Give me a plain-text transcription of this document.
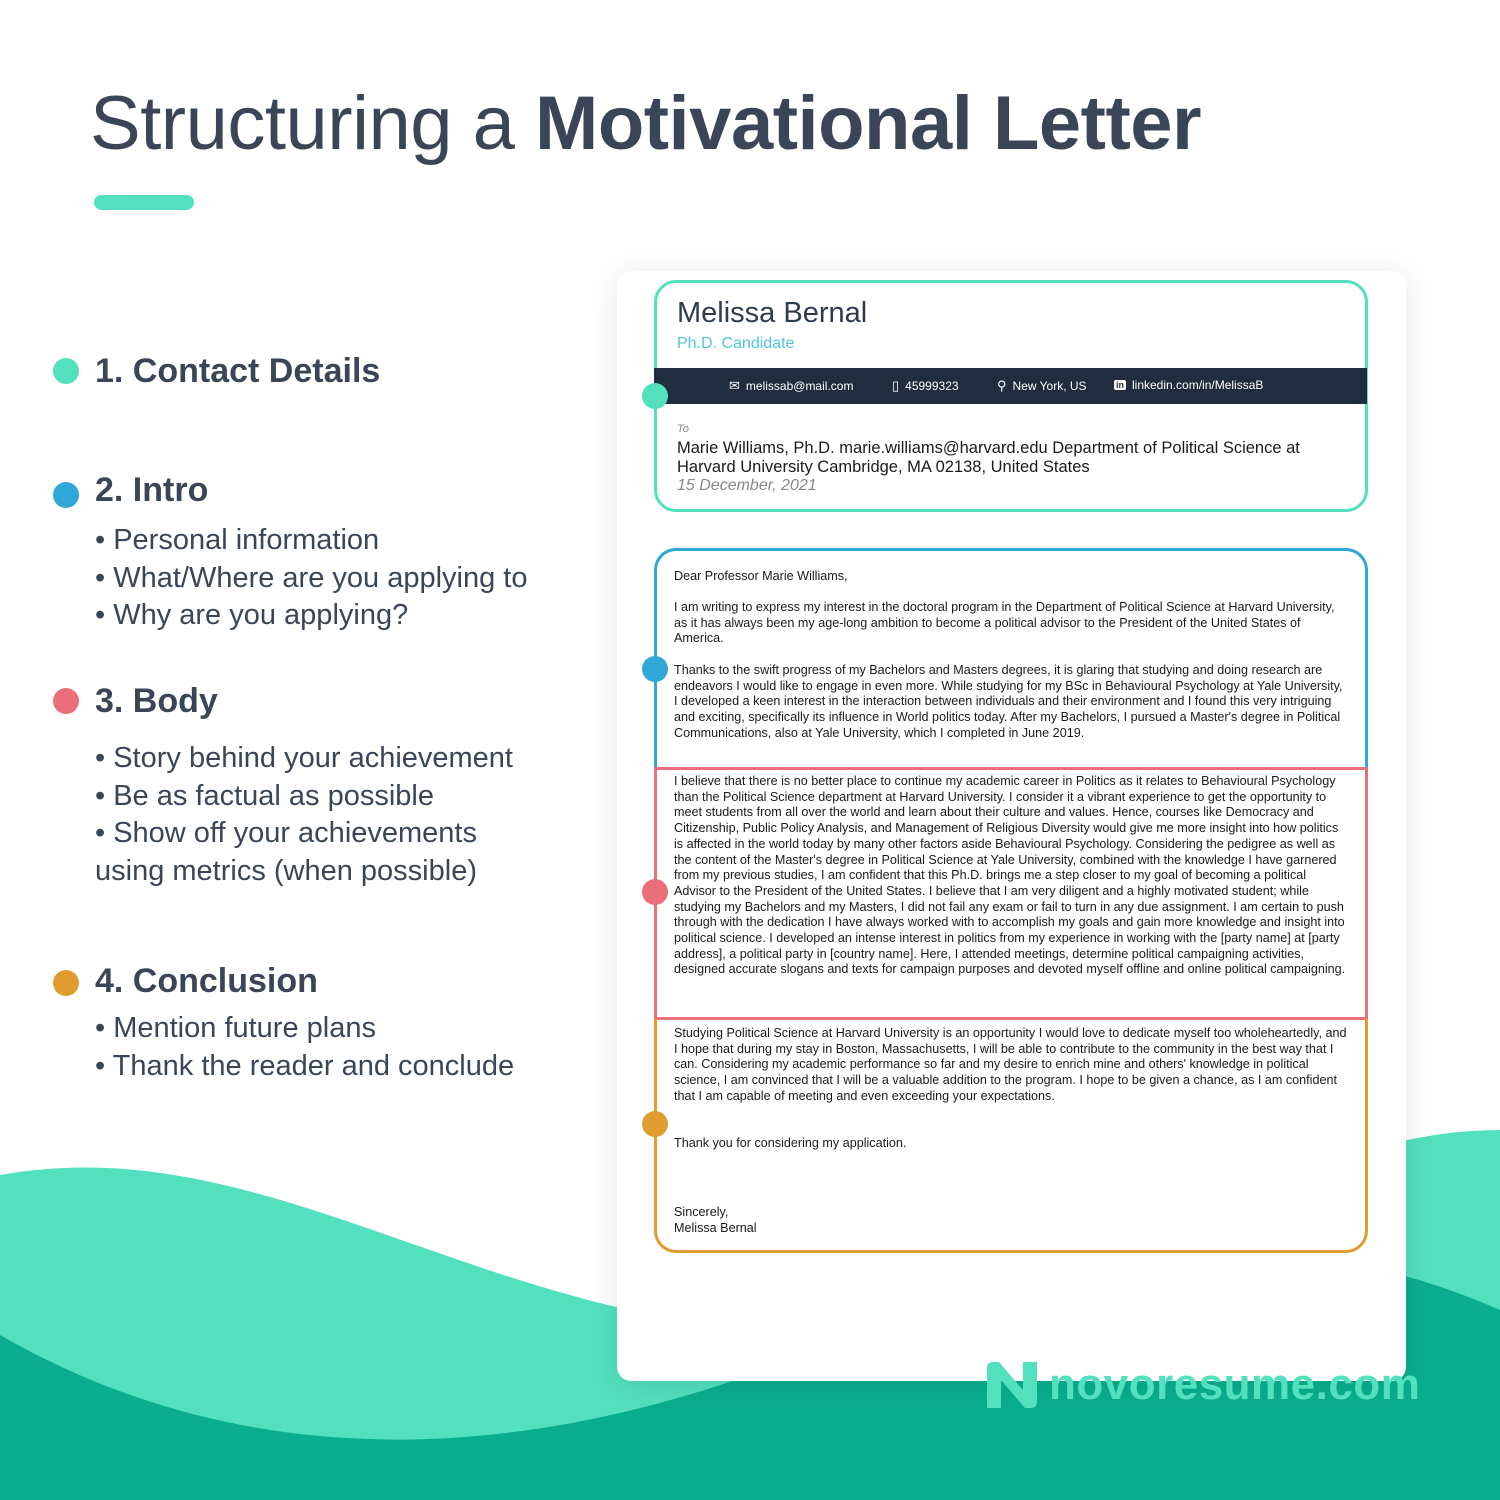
Structuring a Motivational Letter
1. Contact Details
2. Intro
• Personal information
• What/Where are you applying to
• Why are you applying?
3. Body
• Story behind your achievement
• Be as factual as possible
• Show off your achievements
using metrics (when possible)
4. Conclusion
• Mention future plans
• Thank the reader and conclude
Melissa Bernal
Ph.D. Candidate
✉ melissab@mail.com	▯ 45999323	⚲ New York, US	in linkedin.com/in/MelissaB
To
Marie Williams, Ph.D. marie.williams@harvard.edu Department of Political Science at Harvard University Cambridge, MA 02138, United States
15 December, 2021
Dear Professor Marie Williams,
I am writing to express my interest in the doctoral program in the Department of Political Science at Harvard University, as it has always been my age-long ambition to become a political advisor to the President of the United States of America.
Thanks to the swift progress of my Bachelors and Masters degrees, it is glaring that studying and doing research are endeavors I would like to engage in even more. While studying for my BSc in Behavioural Psychology at Yale University, I developed a keen interest in the interaction between individuals and their environment and I found this very intriguing and exciting, specifically its influence in World politics today. After my Bachelors, I pursued a Master's degree in Political Communications, also at Yale University, which I completed in June 2019.
I believe that there is no better place to continue my academic career in Politics as it relates to Behavioural Psychology than the Political Science department at Harvard University. I consider it a vibrant experience to get the opportunity to meet students from all over the world and learn about their culture and values. Hence, courses like Democracy and Citizenship, Public Policy Analysis, and Management of Religious Diversity would give me more insight into how politics is affected in the world today by many other factors aside Behavioural Psychology. Considering the pedigree as well as the content of the Master's degree in Political Science at Yale University, combined with the knowledge I have garnered from my previous studies, I am confident that this Ph.D. brings me a step closer to my goal of becoming a political Advisor to the President of the United States. I believe that I am very diligent and a highly motivated student; while studying my Bachelors and my Masters, I did not fail any exam or fail to turn in any due assignment. I am certain to push through with the dedication I have always worked with to accomplish my goals and gain more knowledge and insight into political science. I developed an intense interest in politics from my experience in working with the [party name] at [party address], a political party in [country name]. Here, I attended meetings, determine political campaigning activities, designed accurate slogans and texts for campaign purposes and devoted myself offline and online political campaigning.
Studying Political Science at Harvard University is an opportunity I would love to dedicate myself too wholeheartedly, and I hope that during my stay in Boston, Massachusetts, I will be able to contribute to the community in the best way that I can. Considering my academic performance so far and my desire to enrich mine and others' knowledge in political science, I am convinced that I will be a valuable addition to the program. I hope to be given a chance, as I am confident that I am capable of meeting and even exceeding your expectations.
Thank you for considering my application.
Sincerely,
Melissa Bernal
novoresume.com
